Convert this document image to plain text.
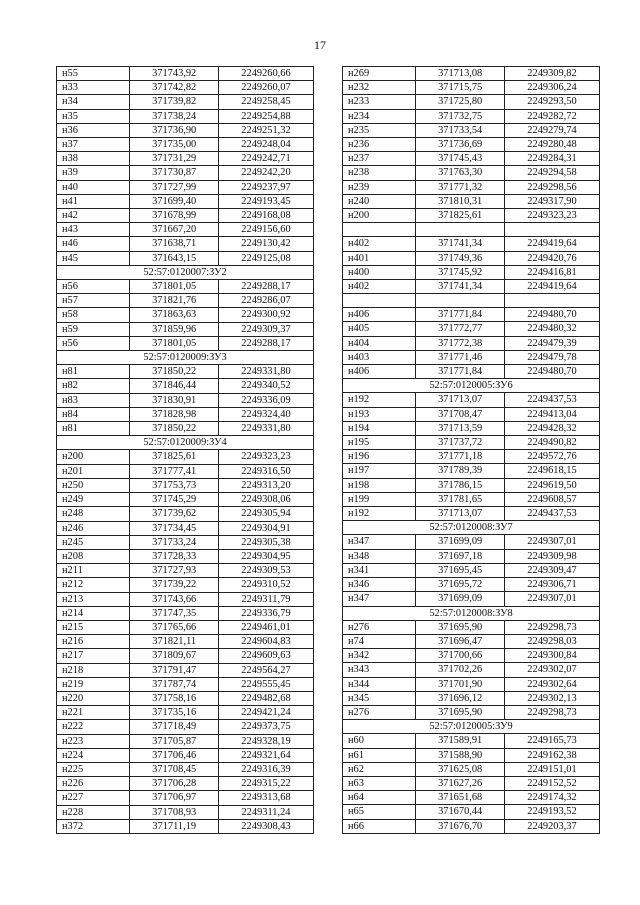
17
н55	371743,92	2249260,66
н33	371742,82	2249260,07
н34	371739,82	2249258,45
н35	371738,24	2249254,88
н36	371736,90	2249251,32
н37	371735,00	2249248,04
н38	371731,29	2249242,71
н39	371730,87	2249242,20
н40	371727,99	2249237,97
н41	371699,40	2249193,45
н42	371678,99	2249168,08
н43	371667,20	2249156,60
н46	371638,71	2249130,42
н45	371643,15	2249125,08
52:57:0120007:ЗУ2		
н56	371801,05	2249288,17
н57	371821,76	2249286,07
н58	371863,63	2249300,92
н59	371859,96	2249309,37
н56	371801,05	2249288,17
52:57:0120009:ЗУ3		
н81	371850,22	2249331,80
н82	371846,44	2249340,52
н83	371830,91	2249336,09
н84	371828,98	2249324,40
н81	371850,22	2249331,80
52:57:0120009:ЗУ4		
н200	371825,61	2249323,23
н201	371777,41	2249316,50
н250	371753,73	2249313,20
н249	371745,29	2249308,06
н248	371739,62	2249305,94
н246	371734,45	2249304,91
н245	371733,24	2249305,38
н208	371728,33	2249304,95
н211	371727,93	2249309,53
н212	371739,22	2249310,52
н213	371743,66	2249311,79
н214	371747,35	2249336,79
н215	371765,66	2249461,01
н216	371821,11	2249604,83
н217	371809,67	2249609,63
н218	371791,47	2249564,27
н219	371787,74	2249555,45
н220	371758,16	2249482,68
н221	371735,16	2249421,24
н222	371718,49	2249373,75
н223	371705,87	2249328,19
н224	371706,46	2249321,64
н225	371708,45	2249316,39
н226	371706,28	2249315,22
н227	371706,97	2249313,68
н228	371708,93	2249311,24
н372	371711,19	2249308,43
н269	371713,08	2249309,82
н232	371715,75	2249306,24
н233	371725,80	2249293,50
н234	371732,75	2249282,72
н235	371733,54	2249279,74
н236	371736,69	2249280,48
н237	371745,43	2249284,31
н238	371763,30	2249294,58
н239	371771,32	2249298,56
н240	371810,31	2249317,90
н200	371825,61	2249323,23

н402	371741,34	2249419,64
н401	371749,36	2249420,76
н400	371745,92	2249416,81
н402	371741,34	2249419,64

н406	371771,84	2249480,70
н405	371772,77	2249480,32
н404	371772,38	2249479,39
н403	371771,46	2249479,78
н406	371771,84	2249480,70
52:57:0120005:ЗУ6		
н192	371713,07	2249437,53
н193	371708,47	2249413,04
н194	371713,59	2249428,32
н195	371737,72	2249490,82
н196	371771,18	2249572,76
н197	371789,39	2249618,15
н198	371786,15	2249619,50
н199	371781,65	2249608,57
н192	371713,07	2249437,53
52:57:0120008:ЗУ7		
н347	371699,09	2249307,01
н348	371697,18	2249309,98
н341	371695,45	2249309,47
н346	371695,72	2249306,71
н347	371699,09	2249307,01
52:57:0120008:ЗУ8		
н276	371695,90	2249298,73
н74	371696,47	2249298,03
н342	371700,66	2249300,84
н343	371702,26	2249302,07
н344	371701,90	2249302,64
н345	371696,12	2249302,13
н276	371695,90	2249298,73
52:57:0120005:ЗУ9		
н60	371589,91	2249165,73
н61	371588,90	2249162,38
н62	371625,08	2249151,01
н63	371627,26	2249152,52
н64	371651,68	2249174,32
н65	371670,44	2249193,52
н66	371676,70	2249203,37
